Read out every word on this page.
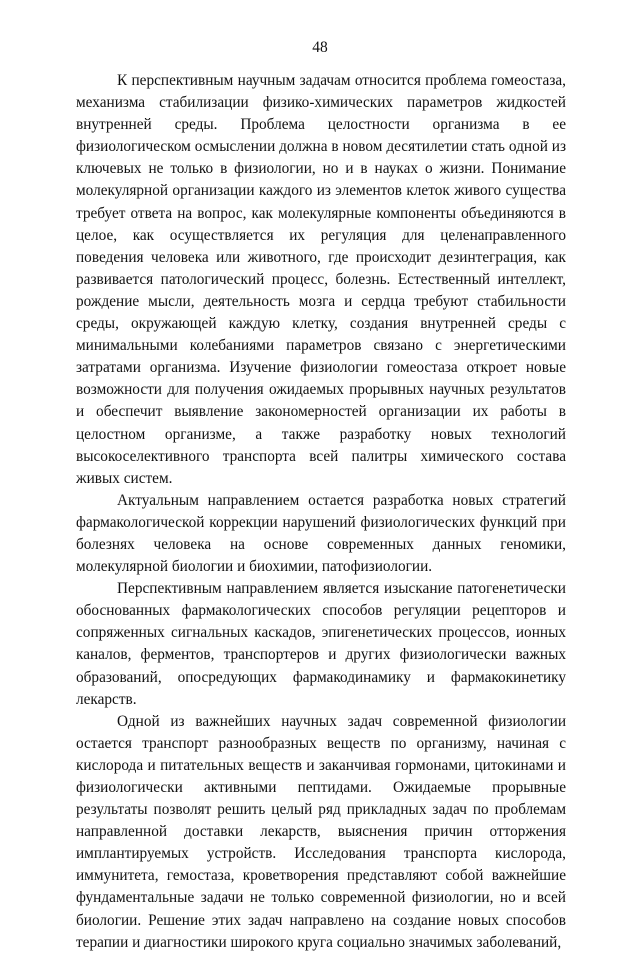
48

К перспективным научным задачам относится проблема гомеостаза, механизма стабилизации физико-химических параметров жидкостей внутренней среды. Проблема целостности организма в ее физиологическом осмыслении должна в новом десятилетии стать одной из ключевых не только в физиологии, но и в науках о жизни. Понимание молекулярной организации каждого из элементов клеток живого существа требует ответа на вопрос, как молекулярные компоненты объединяются в целое, как осуществляется их регуляция для целенаправленного поведения человека или животного, где происходит дезинтеграция, как развивается патологический процесс, болезнь. Естественный интеллект, рождение мысли, деятельность мозга и сердца требуют стабильности среды, окружающей каждую клетку, создания внутренней среды с минимальными колебаниями параметров связано с энергетическими затратами организма. Изучение физиологии гомеостаза откроет новые возможности для получения ожидаемых прорывных научных результатов и обеспечит выявление закономерностей организации их работы в целостном организме, а также разработку новых технологий высокоселективного транспорта всей палитры химического состава живых систем.

Актуальным направлением остается разработка новых стратегий фармакологической коррекции нарушений физиологических функций при болезнях человека на основе современных данных геномики, молекулярной биологии и биохимии, патофизиологии.

Перспективным направлением является изыскание патогенетически обоснованных фармакологических способов регуляции рецепторов и сопряженных сигнальных каскадов, эпигенетических процессов, ионных каналов, ферментов, транспортеров и других физиологически важных образований, опосредующих фармакодинамику и фармакокинетику лекарств.

Одной из важнейших научных задач современной физиологии остается транспорт разнообразных веществ по организму, начиная с кислорода и питательных веществ и заканчивая гормонами, цитокинами и физиологически активными пептидами. Ожидаемые прорывные результаты позволят решить целый ряд прикладных задач по проблемам направленной доставки лекарств, выяснения причин отторжения имплантируемых устройств. Исследования транспорта кислорода, иммунитета, гемостаза, кроветворения представляют собой важнейшие фундаментальные задачи не только современной физиологии, но и всей биологии. Решение этих задач направлено на создание новых способов терапии и диагностики широкого круга социально значимых заболеваний,
